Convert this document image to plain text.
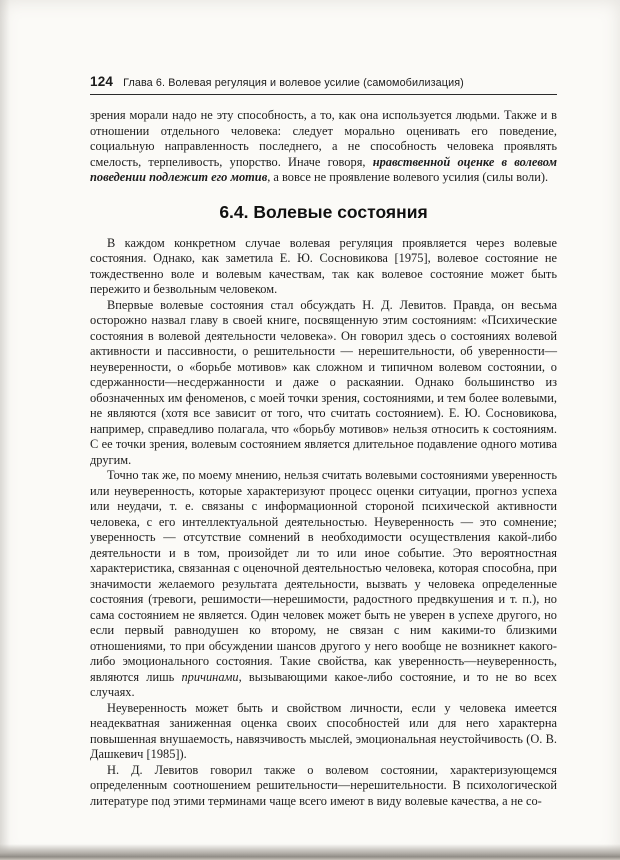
124 Глава 6. Волевая регуляция и волевое усилие (самомобилизация)

зрения морали надо не эту способность, а то, как она используется людьми. Также и в отношении отдельного человека: следует морально оценивать его поведение, социальную направленность последнего, а не способность человека проявлять смелость, терпеливость, упорство. Иначе говоря, нравственной оценке в волевом поведении подлежит его мотив, а вовсе не проявление волевого усилия (силы воли).

6.4. Волевые состояния

В каждом конкретном случае волевая регуляция проявляется через волевые состояния. Однако, как заметила Е. Ю. Сосновикова [1975], волевое состояние не тождественно воле и волевым качествам, так как волевое состояние может быть пережито и безвольным человеком.

Впервые волевые состояния стал обсуждать Н. Д. Левитов. Правда, он весьма осторожно назвал главу в своей книге, посвященную этим состояниям: «Психические состояния в волевой деятельности человека». Он говорил здесь о состояниях волевой активности и пассивности, о решительности — нерешительности, об уверенности—неуверенности, о «борьбе мотивов» как сложном и типичном волевом состоянии, о сдержанности—несдержанности и даже о раскаянии. Однако большинство из обозначенных им феноменов, с моей точки зрения, состояниями, и тем более волевыми, не являются (хотя все зависит от того, что считать состоянием). Е. Ю. Сосновикова, например, справедливо полагала, что «борьбу мотивов» нельзя относить к состояниям. С ее точки зрения, волевым состоянием является длительное подавление одного мотива другим.

Точно так же, по моему мнению, нельзя считать волевыми состояниями уверенность или неуверенность, которые характеризуют процесс оценки ситуации, прогноз успеха или неудачи, т. е. связаны с информационной стороной психической активности человека, с его интеллектуальной деятельностью. Неуверенность — это сомнение; уверенность — отсутствие сомнений в необходимости осуществления какой-либо деятельности и в том, произойдет ли то или иное событие. Это вероятностная характеристика, связанная с оценочной деятельностью человека, которая способна, при значимости желаемого результата деятельности, вызвать у человека определенные состояния (тревоги, решимости—нерешимости, радостного предвкушения и т. п.), но сама состоянием не является. Один человек может быть не уверен в успехе другого, но если первый равнодушен ко второму, не связан с ним какими-то близкими отношениями, то при обсуждении шансов другого у него вообще не возникнет какого-либо эмоционального состояния. Такие свойства, как уверенность—неуверенность, являются лишь причинами, вызывающими какое-либо состояние, и то не во всех случаях.

Неуверенность может быть и свойством личности, если у человека имеется неадекватная заниженная оценка своих способностей или для него характерна повышенная внушаемость, навязчивость мыслей, эмоциональная неустойчивость (О. В. Дашкевич [1985]).

Н. Д. Левитов говорил также о волевом состоянии, характеризующемся определенным соотношением решительности—нерешительности. В психологической литературе под этими терминами чаще всего имеют в виду волевые качества, а не со-
